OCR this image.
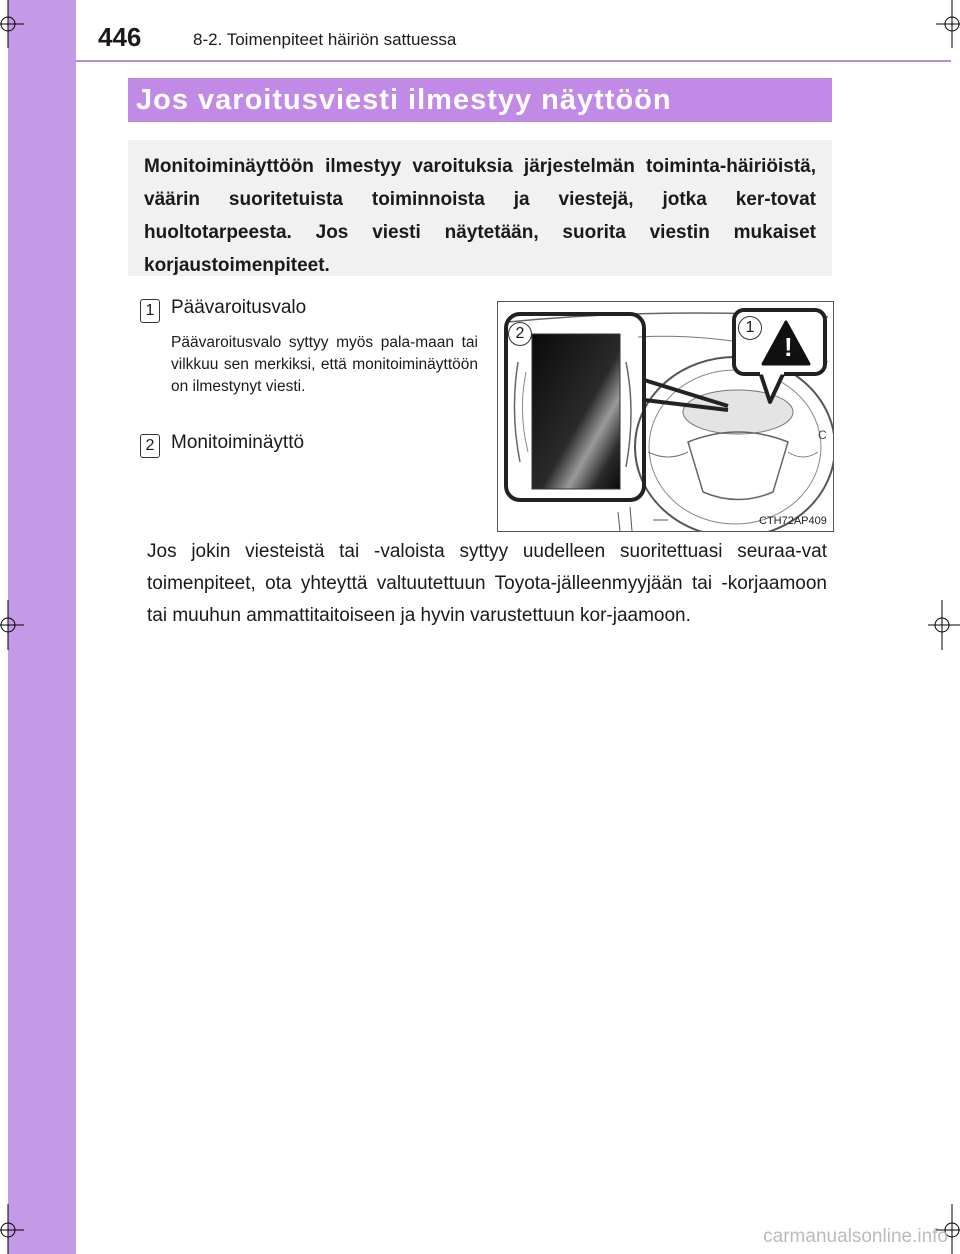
446	8-2. Toimenpiteet häiriön sattuessa
Jos varoitusviesti ilmestyy näyttöön

Monitoiminäyttöön ilmestyy varoituksia järjestelmän toiminta-häiriöistä, väärin suoritetuista toiminnoista ja viestejä, jotka ker-tovat huoltotarpeesta. Jos viesti näytetään, suorita viestin mukaiset korjaustoimenpiteet.

1 Päävaroitusvalo
Päävaroitusvalo syttyy myös pala-maan tai vilkkuu sen merkiksi, että monitoiminäyttöön on ilmestynyt viesti.
2 Monitoiminäyttö	C
!
2	1
CTH72AP409
Jos jokin viesteistä tai -valoista syttyy uudelleen suoritettuasi seuraa-vat toimenpiteet, ota yhteyttä valtuutettuun Toyota-jälleenmyyjään tai -korjaamoon tai muuhun ammattitaitoiseen ja hyvin varustettuun kor-jaamoon.
carmanualsonline.info
